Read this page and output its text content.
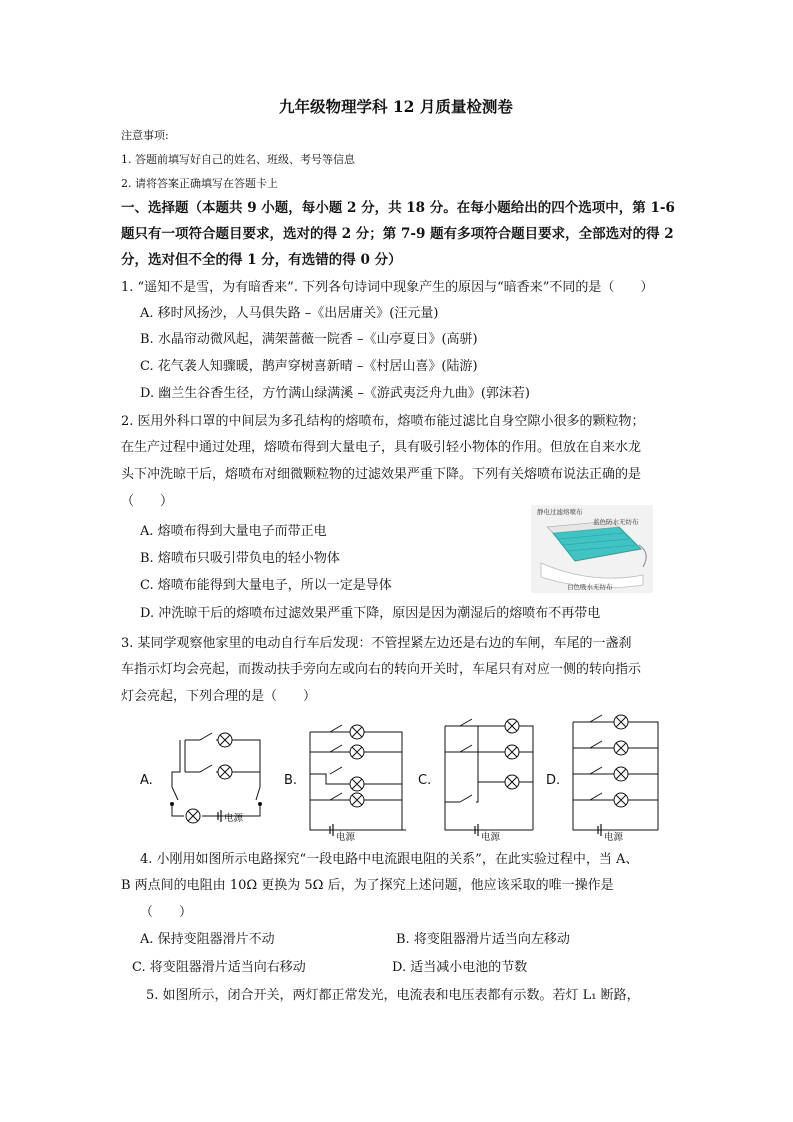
九年级物理学科 12 月质量检测卷
注意事项:
1. 答题前填写好自己的姓名、班级、考号等信息
2. 请将答案正确填写在答题卡上
一、选择题（本题共 9 小题，每小题 2 分，共 18 分。在每小题给出的四个选项中，第 1-6
题只有一项符合题目要求，选对的得 2 分；第 7-9 题有多项符合题目要求，全部选对的得 2
分，选对但不全的得 1 分，有选错的得 0 分）
1. “遥知不是雪，为有暗香来”. 下列各句诗词中现象产生的原因与“暗香来”不同的是（　　）
A. 移时风扬沙，人马俱失路 –《出居庸关》(汪元量)
B. 水晶帘动微风起，满架蔷薇一院香 –《山亭夏日》(高骈)
C. 花气袭人知骤暖，鹊声穿树喜新晴 –《村居山喜》(陆游)
D. 幽兰生谷香生径，方竹满山绿满溪 –《游武夷泛舟九曲》(郭沫若)
2. 医用外科口罩的中间层为多孔结构的熔喷布，熔喷布能过滤比自身空隙小很多的颗粒物；
在生产过程中通过处理，熔喷布得到大量电子，具有吸引轻小物体的作用。但放在自来水龙
头下冲洗晾干后，熔喷布对细微颗粒物的过滤效果严重下降。下列有关熔喷布说法正确的是
（　　）
A. 熔喷布得到大量电子而带正电
B. 熔喷布只吸引带负电的轻小物体
C. 熔喷布能得到大量电子，所以一定是导体
D. 冲洗晾干后的熔喷布过滤效果严重下降，原因是因为潮湿后的熔喷布不再带电
静电过滤熔喷布
蓝色防水无纺布
白色吸水无纺布
3. 某同学观察他家里的电动自行车后发现：不管捏紧左边还是右边的车闸，车尾的一盏刹
车指示灯均会亮起，而拨动扶手旁向左或向右的转向开关时，车尾只有对应一侧的转向指示
灯会亮起，下列合理的是（　　）
电源
电源	电源	电源
A.	B.	C.	D.
4. 小刚用如图所示电路探究“一段电路中电流跟电阻的关系”，在此实验过程中，当 A、
B 两点间的电阻由 10Ω 更换为 5Ω 后，为了探究上述问题，他应该采取的唯一操作是
（　　）
A. 保持变阻器滑片不动	B. 将变阻器滑片适当向左移动
C. 将变阻器滑片适当向右移动	D. 适当减小电池的节数
5. 如图所示，闭合开关，两灯都正常发光，电流表和电压表都有示数。若灯 L₁ 断路，
